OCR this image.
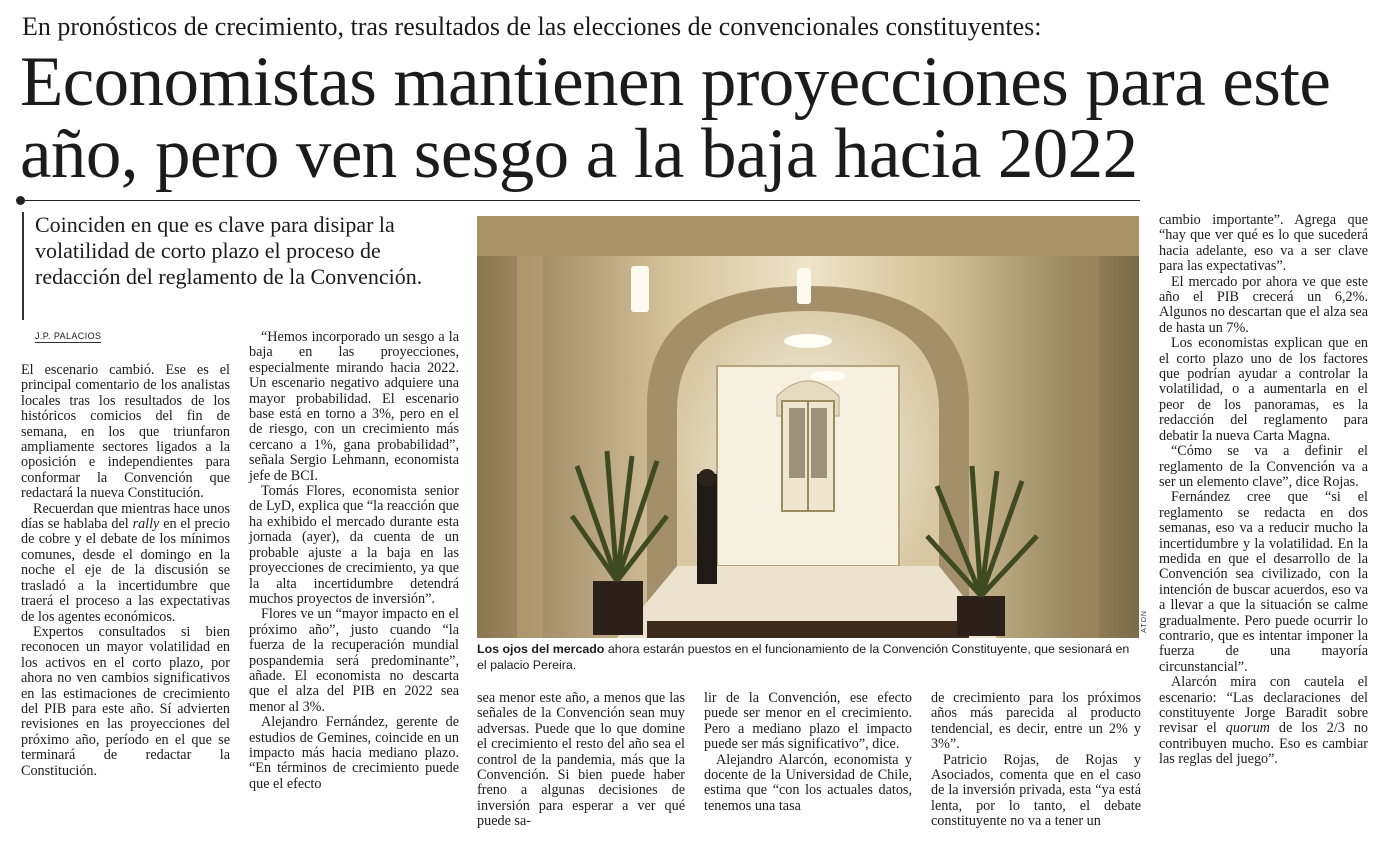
En pronósticos de crecimiento, tras resultados de las elecciones de convencionales constituyentes:
Economistas mantienen proyecciones para este año, pero ven sesgo a la baja hacia 2022
Coinciden en que es clave para disipar la volatilidad de corto plazo el proceso de redacción del reglamento de la Convención.
J.P. PALACIOS

El escenario cambió. Ese es el principal comentario de los analistas locales tras los resultados de los históricos comicios del fin de semana, en los que triunfaron ampliamente sectores ligados a la oposición e independientes para conformar la Convención que redactará la nueva Constitución.

Recuerdan que mientras hace unos días se hablaba del rally en el precio de cobre y el debate de los mínimos comunes, desde el domingo en la noche el eje de la discusión se trasladó a la incertidumbre que traerá el proceso a las expectativas de los agentes económicos.

Expertos consultados si bien reconocen un mayor volatilidad en los activos en el corto plazo, por ahora no ven cambios significativos en las estimaciones de crecimiento del PIB para este año. Sí advierten revisiones en las proyecciones del próximo año, período en el que se terminará de redactar la Constitución.

“Hemos incorporado un sesgo a la baja en las proyecciones, especialmente mirando hacia 2022. Un escenario negativo adquiere una mayor probabilidad. El escenario base está en torno a 3%, pero en el de riesgo, con un crecimiento más cercano a 1%, gana probabilidad”, señala Sergio Lehmann, economista jefe de BCI.

Tomás Flores, economista senior de LyD, explica que “la reacción que ha exhibido el mercado durante esta jornada (ayer), da cuenta de un probable ajuste a la baja en las proyecciones de crecimiento, ya que la alta incertidumbre detendrá muchos proyectos de inversión”.

Flores ve un “mayor impacto en el próximo año”, justo cuando “la fuerza de la recuperación mundial pospandemia será predominante”, añade. El economista no descarta que el alza del PIB en 2022 sea menor al 3%.

Alejandro Fernández, gerente de estudios de Gemines, coincide en un impacto más hacia mediano plazo. “En términos de crecimiento puede que el efecto

ATON
Los ojos del mercado ahora estarán puestos en el funcionamiento de la Convención Constituyente, que sesionará en el palacio Pereira.

sea menor este año, a menos que las señales de la Convención sean muy adversas. Puede que lo que domine el crecimiento el resto del año sea el control de la pandemia, más que la Convención. Si bien puede haber freno a algunas decisiones de inversión para esperar a ver qué puede sa-

lir de la Convención, ese efecto puede ser menor en el crecimiento. Pero a mediano plazo el impacto puede ser más significativo”, dice.

Alejandro Alarcón, economista y docente de la Universidad de Chile, estima que “con los actuales datos, tenemos una tasa

de crecimiento para los próximos años más parecida al producto tendencial, es decir, entre un 2% y 3%”.

Patricio Rojas, de Rojas y Asociados, comenta que en el caso de la inversión privada, esta “ya está lenta, por lo tanto, el debate constituyente no va a tener un

cambio importante”. Agrega que “hay que ver qué es lo que sucederá hacia adelante, eso va a ser clave para las expectativas”.

El mercado por ahora ve que este año el PIB crecerá un 6,2%. Algunos no descartan que el alza sea de hasta un 7%.

Los economistas explican que en el corto plazo uno de los factores que podrían ayudar a controlar la volatilidad, o a aumentarla en el peor de los panoramas, es la redacción del reglamento para debatir la nueva Carta Magna.

“Cómo se va a definir el reglamento de la Convención va a ser un elemento clave”, dice Rojas.

Fernández cree que “si el reglamento se redacta en dos semanas, eso va a reducir mucho la incertidumbre y la volatilidad. En la medida en que el desarrollo de la Convención sea civilizado, con la intención de buscar acuerdos, eso va a llevar a que la situación se calme gradualmente. Pero puede ocurrir lo contrario, que es intentar imponer la fuerza de una mayoría circunstancial”.

Alarcón mira con cautela el escenario: “Las declaraciones del constituyente Jorge Baradit sobre revisar el quorum de los 2/3 no contribuyen mucho. Eso es cambiar las reglas del juego”.
